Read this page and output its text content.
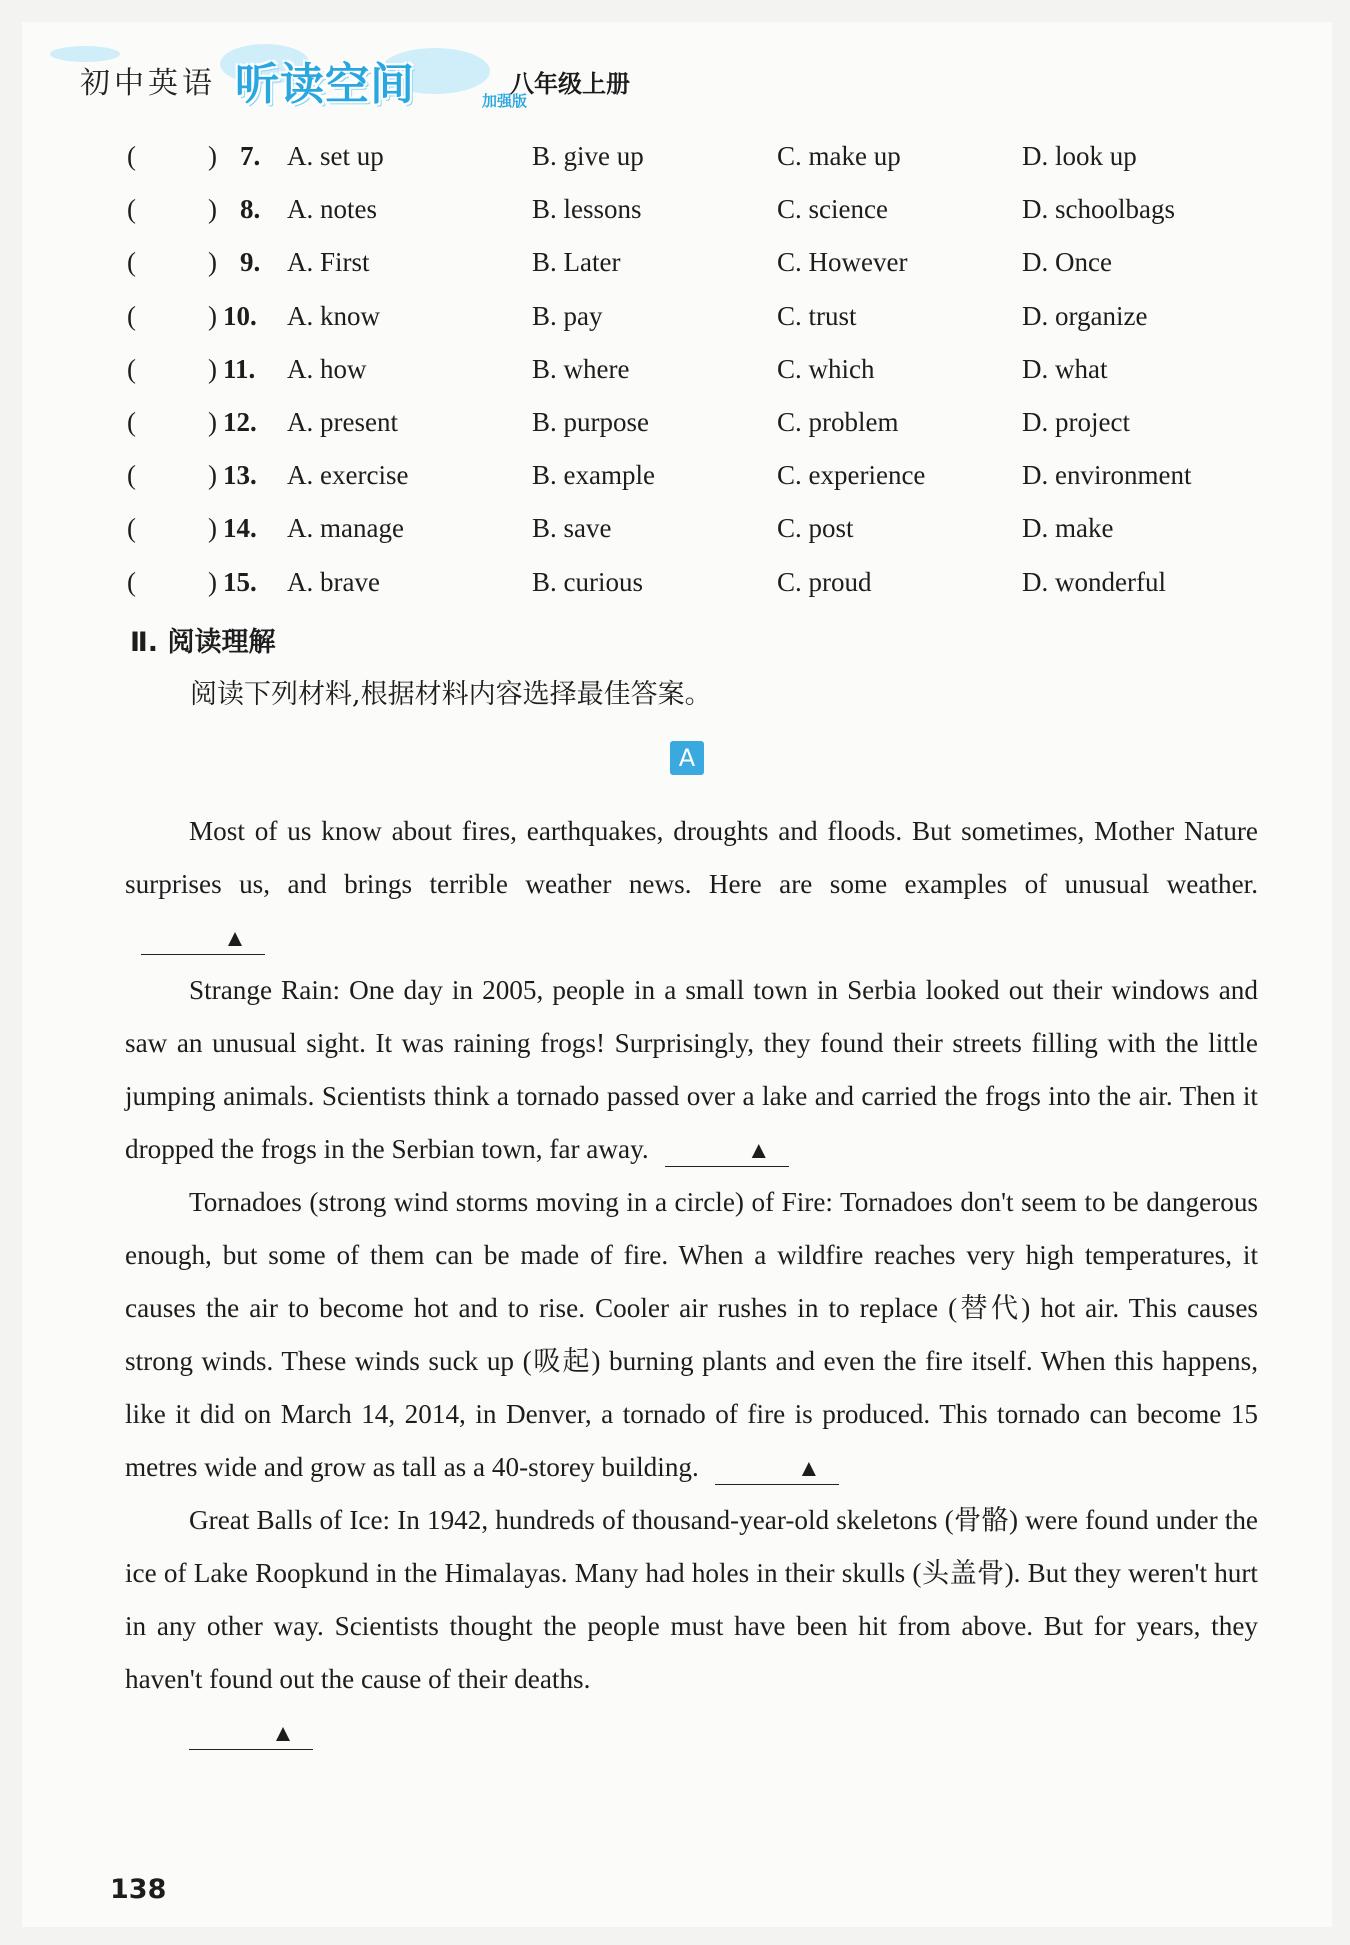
初中英语 听读空间	加强版
八年级上册
(	) 7. A. set up	B. give up	C. make up	D. look up
(	) 8. A. notes	B. lessons	C. science	D. schoolbags
(	) 9. A. First	B. Later	C. However	D. Once
(	) 10. A. know	B. pay	C. trust	D. organize
(	) 11. A. how	B. where	C. which	D. what
(	) 12. A. present	B. purpose	C. problem	D. project
(	) 13. A. exercise	B. example	C. experience	D. environment
(	) 14. A. manage	B. save	C. post	D. make
(	) 15. A. brave	B. curious	C. proud	D. wonderful
Ⅱ. 阅读理解
阅读下列材料,根据材料内容选择最佳答案。
A

Most of us know about fires, earthquakes, droughts and floods. But sometimes, Mother Nature surprises us, and brings terrible weather news. Here are some examples of unusual weather.▲

Strange Rain: One day in 2005, people in a small town in Serbia looked out their windows and saw an unusual sight. It was raining frogs! Surprisingly, they found their streets filling with the little jumping animals. Scientists think a tornado passed over a lake and carried the frogs into the air. Then it dropped the frogs in the Serbian town, far away.	▲

Tornadoes (strong wind storms moving in a circle) of Fire: Tornadoes don't seem to be dangerous enough, but some of them can be made of fire. When a wildfire reaches very high temperatures, it causes the air to become hot and to rise. Cooler air rushes in to replace (替代) hot air. This causes strong winds. These winds suck up (吸起) burning plants and even the fire itself. When this happens, like it did on March 14, 2014, in Denver, a tornado of fire is produced. This tornado can become 15 metres wide and grow as tall as a 40-storey building.	▲

Great Balls of Ice: In 1942, hundreds of thousand-year-old skeletons (骨骼) were found under the ice of Lake Roopkund in the Himalayas. Many had holes in their skulls (头盖骨). But they weren't hurt in any other way. Scientists thought the people must have been hit from above. But for years, they haven't found out the cause of their deaths.

▲

138
